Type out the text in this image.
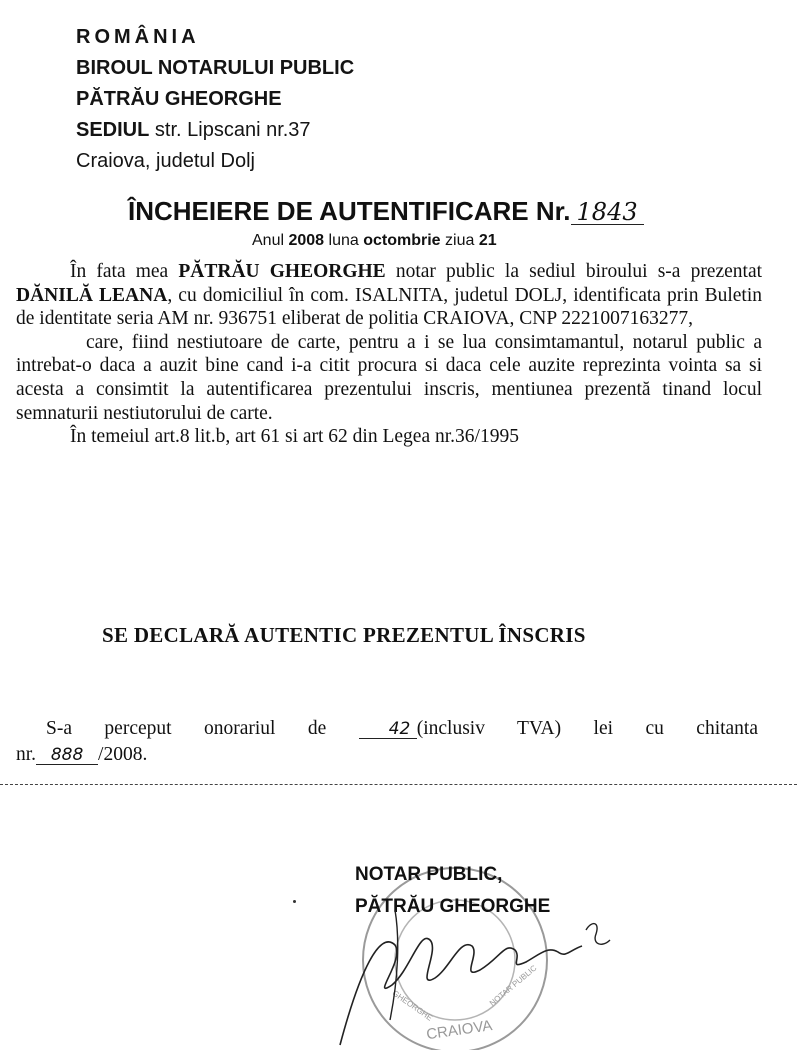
ROMÂNIA
BIROUL NOTARULUI PUBLIC
PĂTRĂU GHEORGHE
SEDIUL str. Lipscani nr.37
Craiova, judetul Dolj
ÎNCHEIERE DE AUTENTIFICARE Nr. 1843
Anul 2008 luna octombrie ziua 21

În fata mea PĂTRĂU GHEORGHE notar public la sediul biroului s-a prezentat DĂNILĂ LEANA, cu domiciliul în com. ISALNITA, judetul DOLJ, identificata prin Buletin de identitate seria AM nr. 936751 eliberat de politia CRAIOVA, CNP 2221007163277,

care, fiind nestiutoare de carte, pentru a i se lua consimtamantul, notarul public a intrebat-o daca a auzit bine cand i-a citit procura si daca cele auzite reprezinta vointa sa si acesta a consimtit la autentificarea prezentului inscris, mentiunea prezentă tinand locul semnaturii nestiutorului de carte.

În temeiul art.8 lit.b, art 61 si art 62 din Legea nr.36/1995

SE DECLARĂ AUTENTIC PREZENTUL ÎNSCRIS
S-a perceput onorariul de	42 (inclusiv TVA) lei cu chitanta
nr. 888 /2008.
NOTAR PUBLIC,
PĂTRĂU GHEORGHE
CRAIOVA
GHEORGHE	NOTAR PUBLIC
